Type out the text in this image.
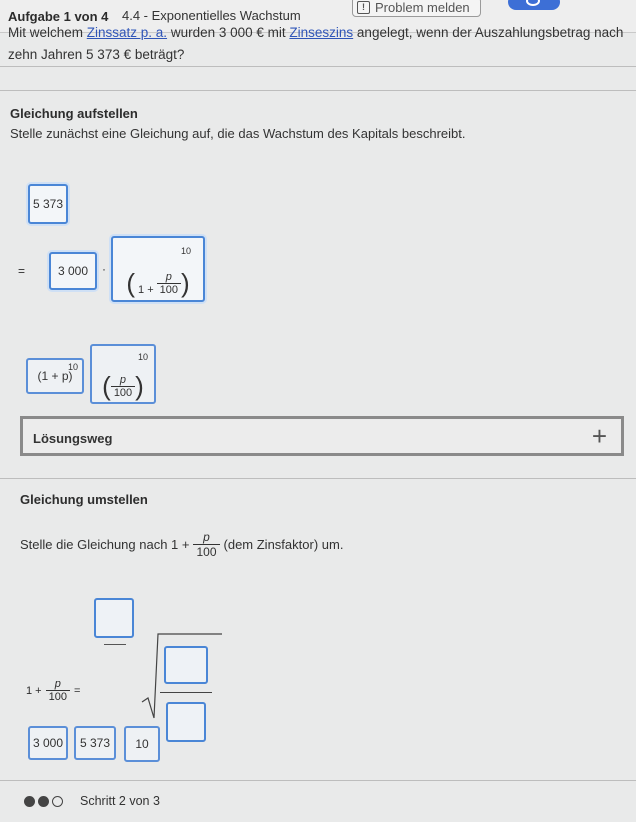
Aufgabe 1 von 4 4.4 - Exponentielles Wachstum
! Problem melden
Mit welchem Zinssatz p. a. wurden 3 000 € mit Zinseszins angelegt, wenn der Auszahlungsbetrag nach zehn Jahren 5 373 € beträgt?
Gleichung aufstellen
Stelle zunächst eine Gleichung auf, die das Wachstum des Kapitals beschreibt.
5 373
=	3 000 · ( $1 + \frac{p}{100}$ )
10
(1 + p)
10
( $\frac{p}{100}$ )
10
Lösungsweg	+
Gleichung umstellen
Stelle die Gleichung nach $1 + \frac{p}{100} (dem$ Zinsfaktor) um.
$1 + \frac{p}{100}$ =
3 000 5 373 10
Schritt 2 von 3
